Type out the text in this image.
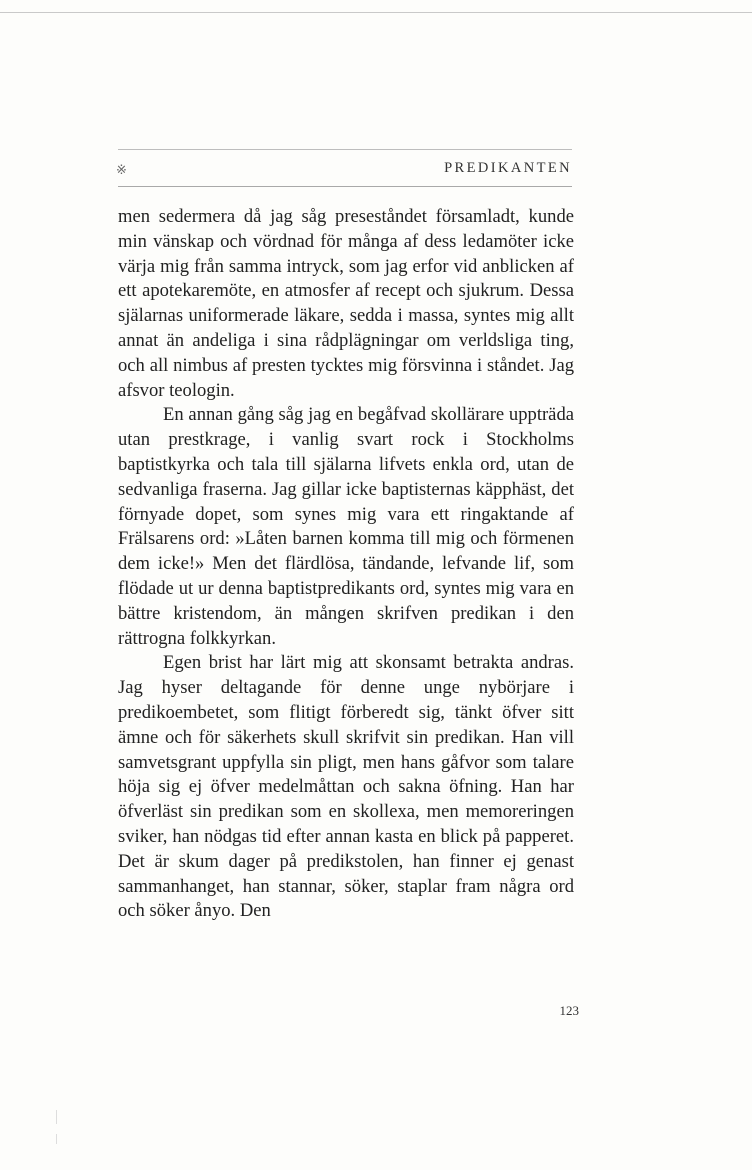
※	PREDIKANTEN

men sedermera då jag såg preseståndet församladt, kunde min vänskap och vördnad för många af dess ledamöter icke värja mig från samma intryck, som jag erfor vid anblicken af ett apotekaremöte, en atmosfer af recept och sjukrum. Dessa själarnas uniformerade läkare, sedda i massa, syntes mig allt annat än andeliga i sina rådplägningar om verldsliga ting, och all nimbus af presten tycktes mig försvinna i ståndet. Jag afsvor teologin.

En annan gång såg jag en begåfvad skollärare uppträda utan prestkrage, i vanlig svart rock i Stockholms baptistkyrka och tala till själarna lifvets enkla ord, utan de sedvanliga fraserna. Jag gillar icke baptisternas käpphäst, det förnyade dopet, som synes mig vara ett ringaktande af Frälsarens ord: »Låten barnen komma till mig och förmenen dem icke!» Men det flärdlösa, tändande, lefvande lif, som flödade ut ur denna baptistpredikants ord, syntes mig vara en bättre kristendom, än mången skrifven predikan i den rättrogna folkkyrkan.

Egen brist har lärt mig att skonsamt betrakta andras. Jag hyser deltagande för denne unge nybörjare i predikoembetet, som flitigt förberedt sig, tänkt öfver sitt ämne och för säkerhets skull skrifvit sin predikan. Han vill samvetsgrant uppfylla sin pligt, men hans gåfvor som talare höja sig ej öfver medelmåttan och sakna öfning. Han har öfverläst sin predikan som en skollexa, men memoreringen sviker, han nödgas tid efter annan kasta en blick på papperet. Det är skum dager på predikstolen, han finner ej genast sammanhanget, han stannar, söker, staplar fram några ord och söker ånyo. Den

123
